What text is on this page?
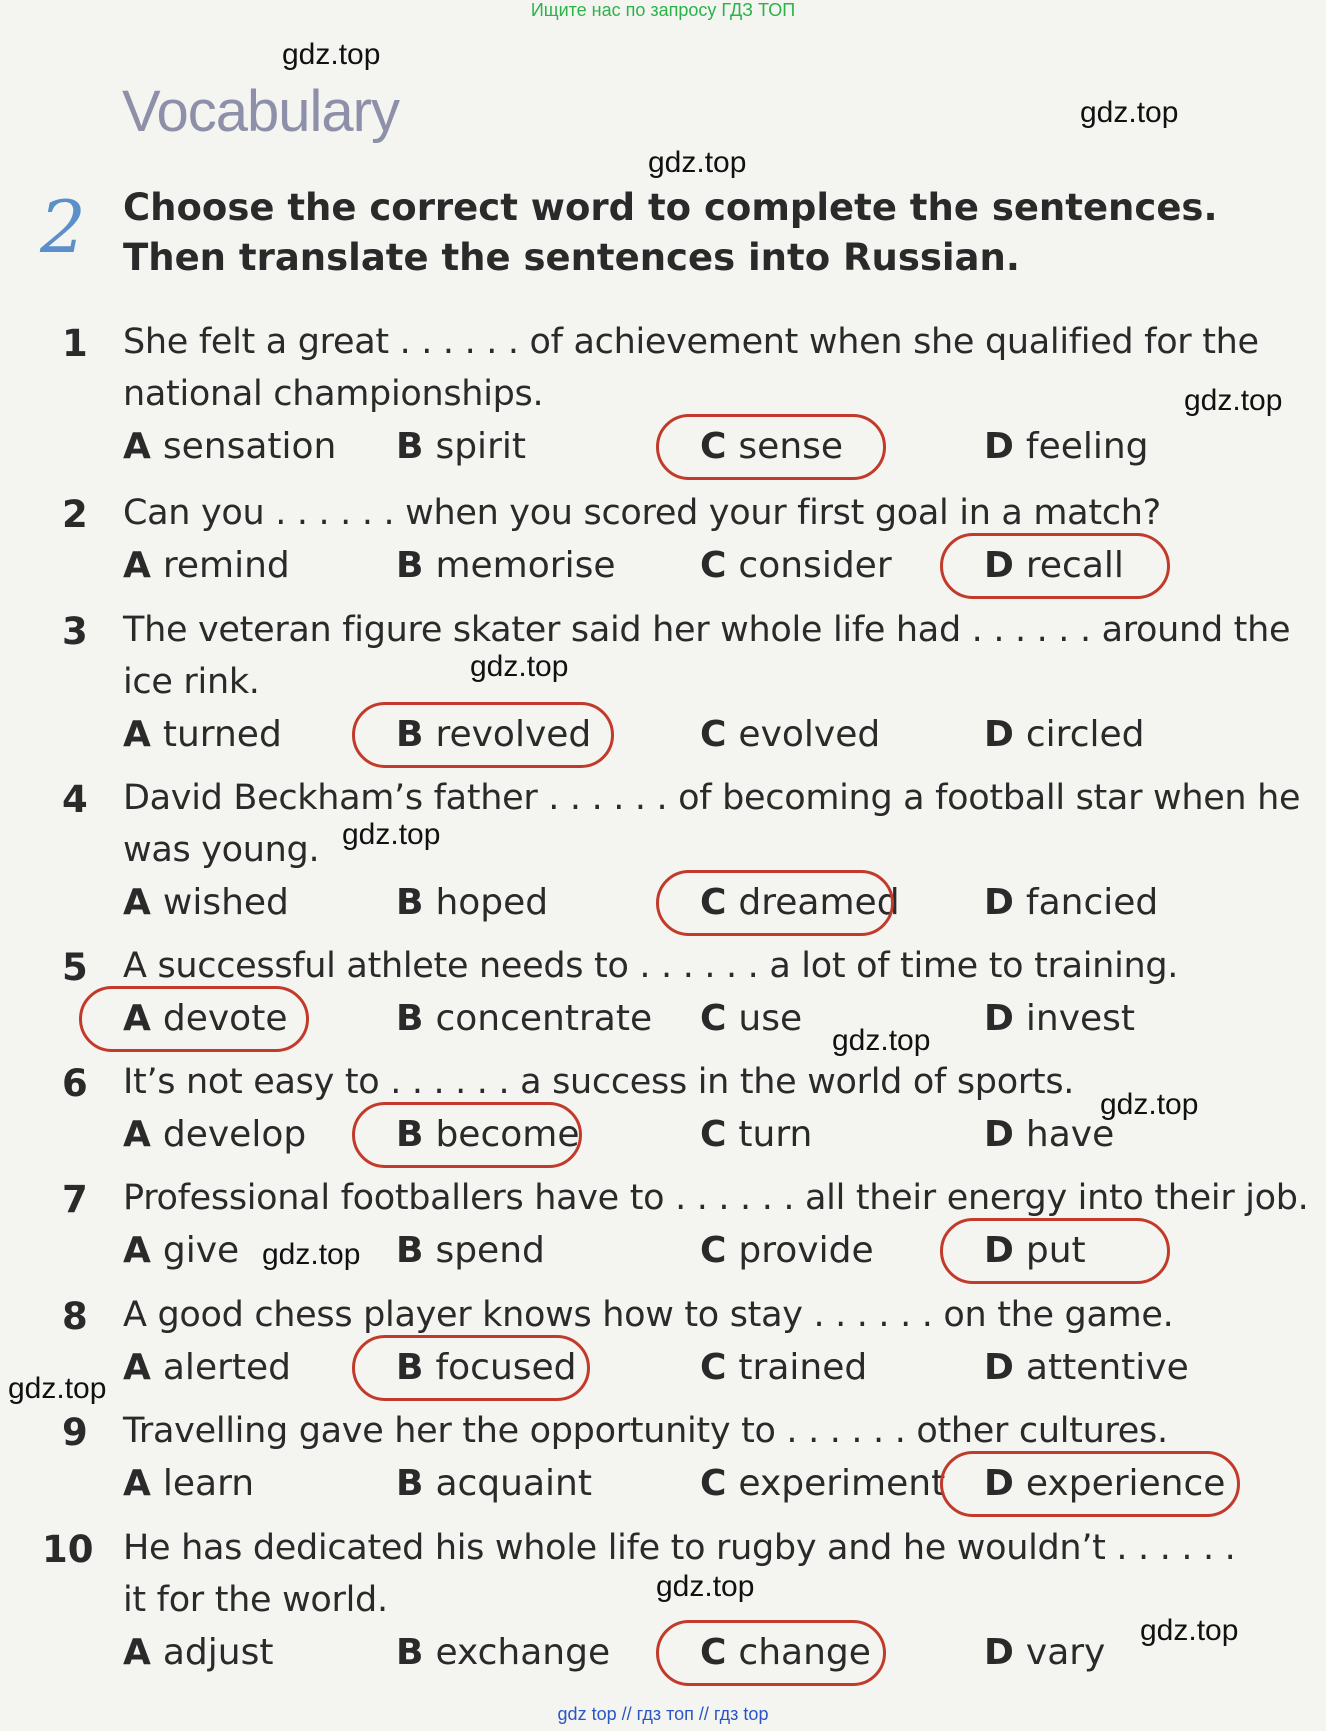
Ищите нас по запросу ГДЗ ТОП
gdz top // гдз топ // гдз top
Vocabulary
2 Choose the correct word to complete the sentences.
Then translate the sentences into Russian.
1 She felt a great . . . . . . of achievement when she qualified for the
national championships.
A sensation B spirit	C sense	D feeling
2 Can you . . . . . . when you scored your first goal in a match?
A remind	B memorise C consider	D recall
3 The veteran figure skater said her whole life had . . . . . . around the
ice rink.
A turned	B revolved	C evolved	D circled
4 David Beckham’s father . . . . . . of becoming a football star when he
was young.
A wished	B hoped	C dreamed D fancied
5 A successful athlete needs to . . . . . . a lot of time to training.
A devote	B concentrate C use	D invest
6 It’s not easy to . . . . . . a success in the world of sports.
A develop B become	C turn	D have
7 Professional footballers have to . . . . . . all their energy into their job.
A give	B spend	C provide	D put
8 A good chess player knows how to stay . . . . . . on the game.
A alerted	B focused	C trained	D attentive
9 Travelling gave her the opportunity to . . . . . . other cultures.
A learn	B acquaint	C experiment D experience
10 He has dedicated his whole life to rugby and he wouldn’t . . . . . .
it for the world.
A adjust	B exchange C change	D vary
gdz.top
gdz.top
gdz.top
gdz.top
gdz.top
gdz.top
gdz.top
gdz.top
gdz.top
gdz.top
gdz.top
gdz.top
